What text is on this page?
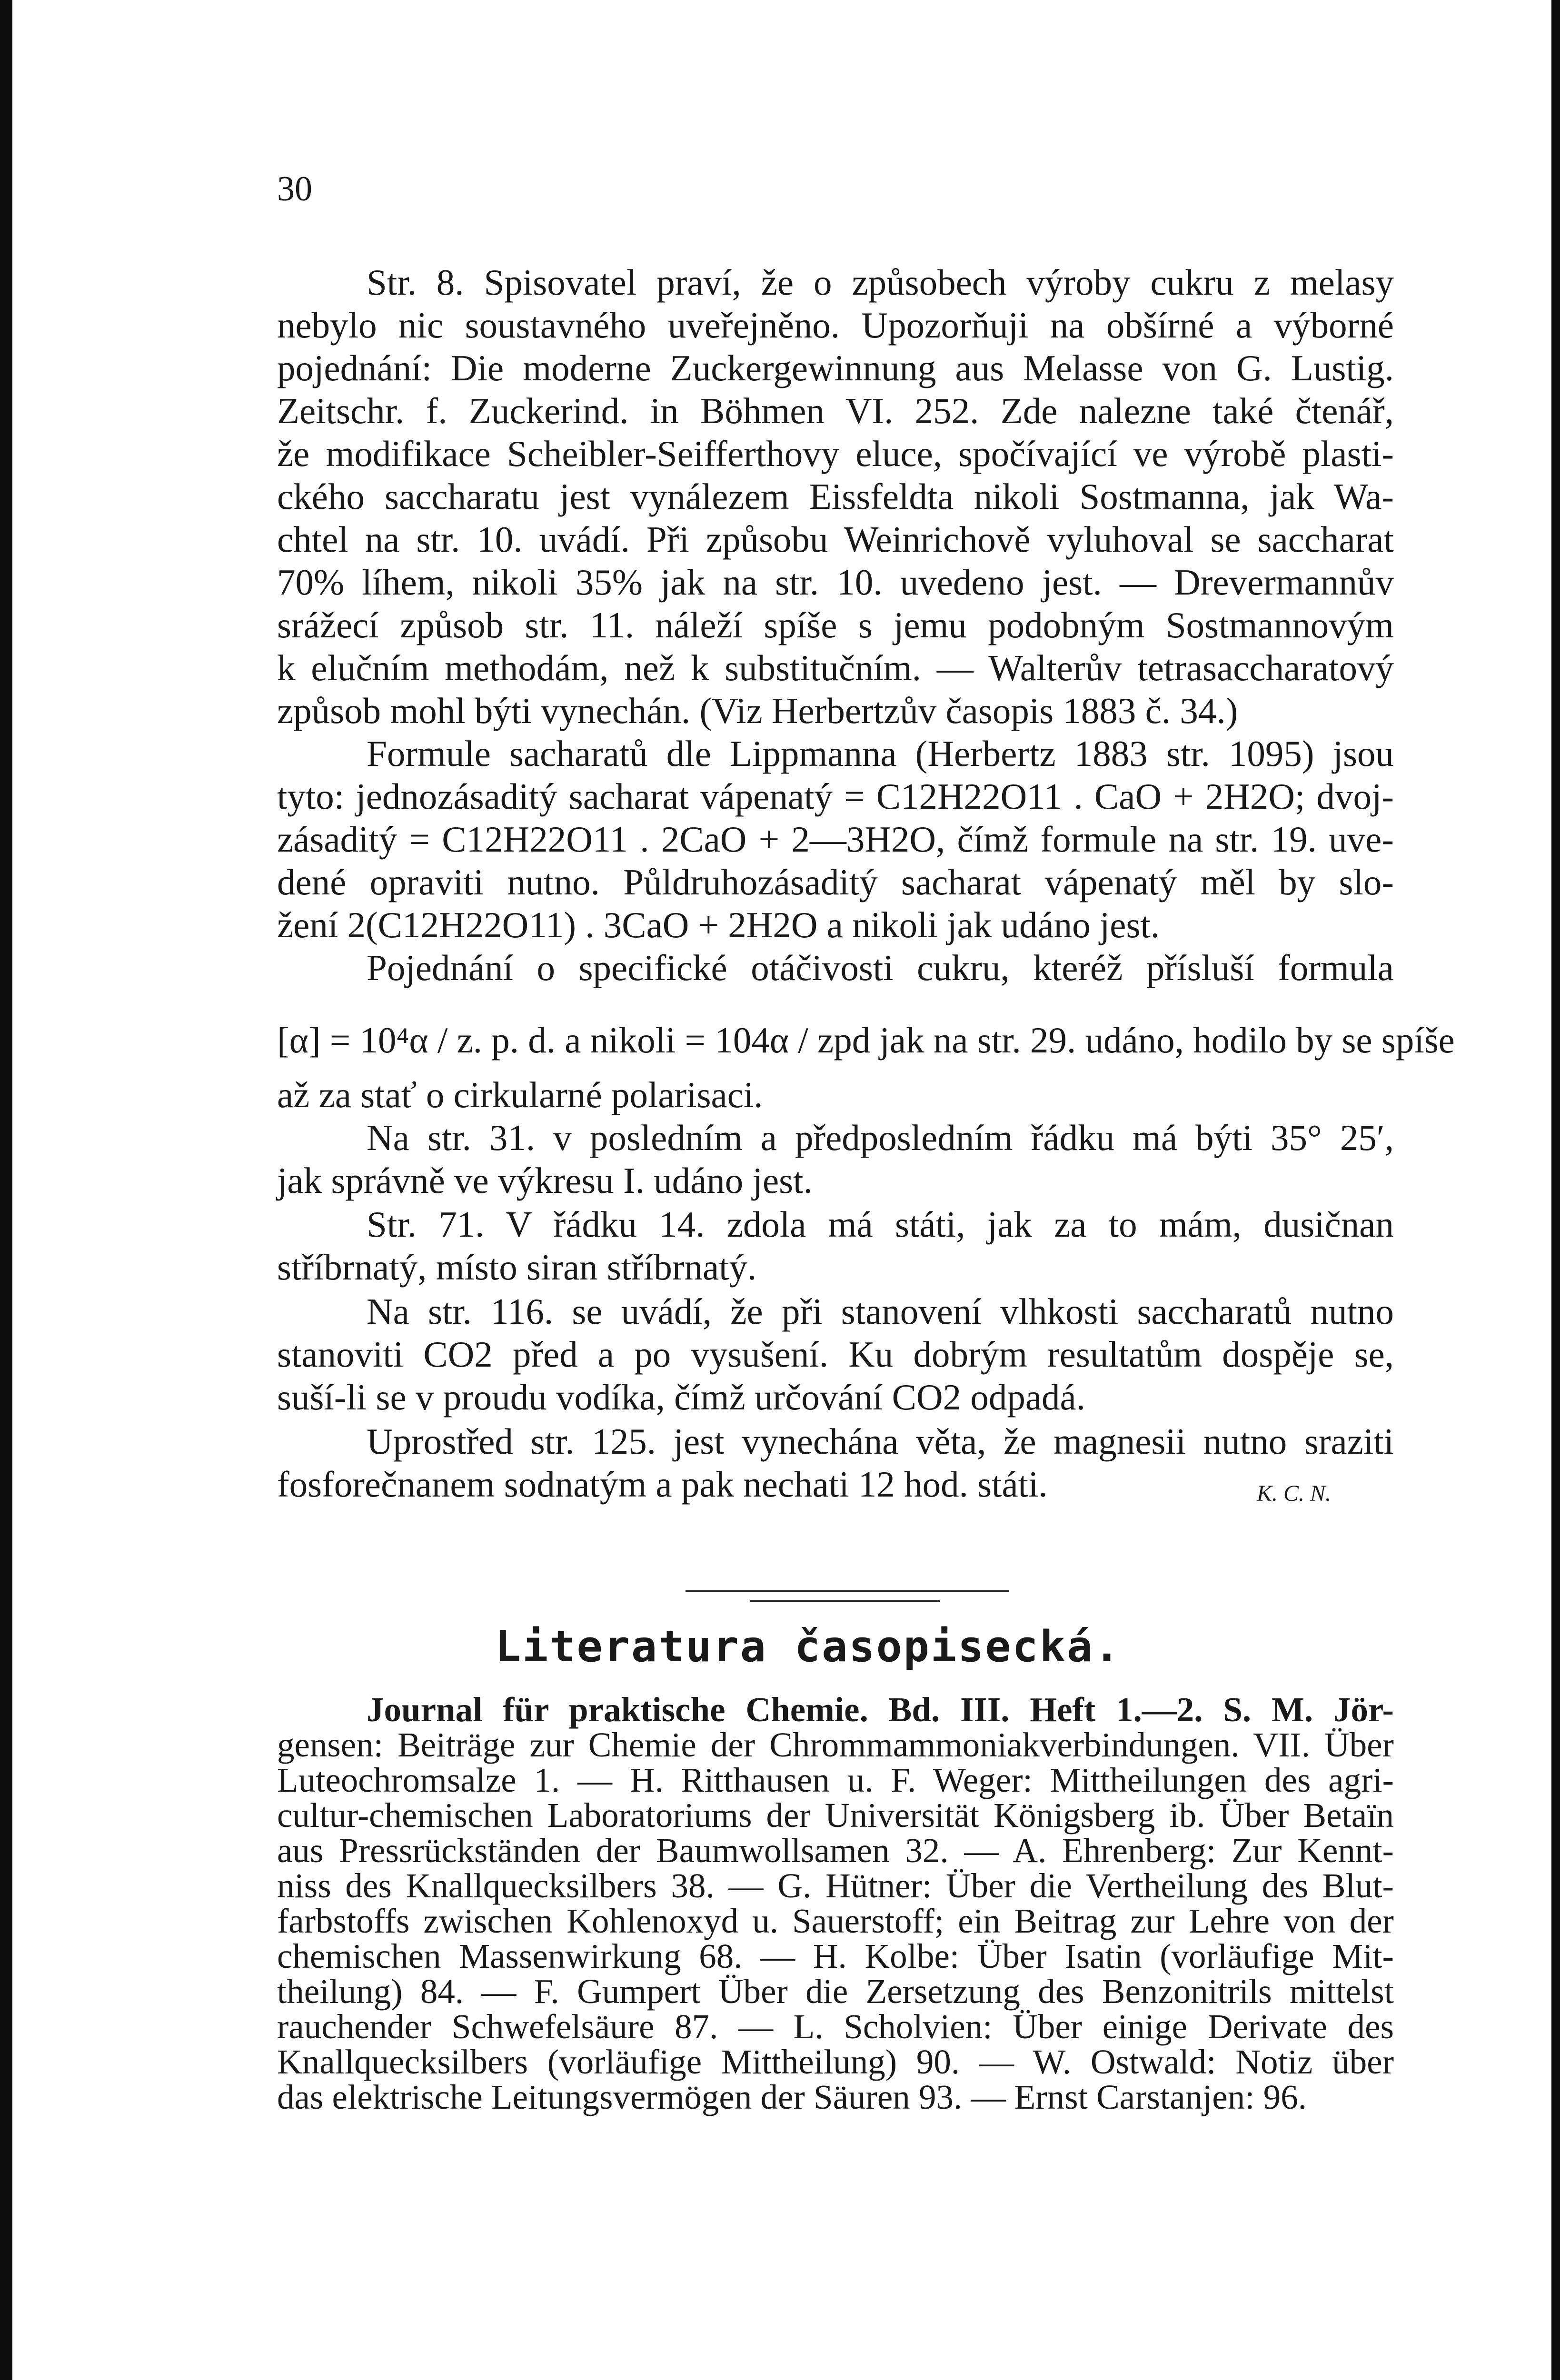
30
Str. 8. Spisovatel praví, že o způsobech výroby cukru z melasy
nebylo nic soustavného uveřejněno. Upozorňuji na obšírné a výborné
pojednání: Die moderne Zuckergewinnung aus Melasse von G. Lustig.
Zeitschr. f. Zuckerind. in Böhmen VI. 252. Zde nalezne také čtenář,
že modifikace Scheibler-Seifferthovy eluce, spočívající ve výrobě plasti-
ckého saccharatu jest vynálezem Eissfeldta nikoli Sostmanna, jak Wa-
chtel na str. 10. uvádí. Při způsobu Weinrichově vyluhoval se saccharat
70% líhem, nikoli 35% jak na str. 10. uvedeno jest. — Drevermannův
srážecí způsob str. 11. náleží spíše s jemu podobným Sostmannovým
k elučním methodám, než k substitučním. — Walterův tetrasaccharatový
způsob mohl býti vynechán. (Viz Herbertzův časopis 1883 č. 34.)
Formule sacharatů dle Lippmanna (Herbertz 1883 str. 1095) jsou
tyto: jednozásaditý sacharat vápenatý = C12H22O11 . CaO + 2H2O; dvoj-
zásaditý = C12H22O11 . 2CaO + 2—3H2O, čímž formule na str. 19. uve-
dené opraviti nutno. Půldruhozásaditý sacharat vápenatý měl by slo-
žení 2(C12H22O11) . 3CaO + 2H2O a nikoli jak udáno jest.
Pojednání o specifické otáčivosti cukru, kteréž přísluší formula
[α] = 10⁴α / z. p. d. a nikoli = 104α / zpd jak na str. 29. udáno, hodilo by se spíše
až za stať o cirkularné polarisaci.
Na str. 31. v posledním a předposledním řádku má býti 35° 25′,
jak správně ve výkresu I. udáno jest.
Str. 71. V řádku 14. zdola má státi, jak za to mám, dusičnan
stříbrnatý, místo siran stříbrnatý.
Na str. 116. se uvádí, že při stanovení vlhkosti saccharatů nutno
stanoviti CO2 před a po vysušení. Ku dobrým resultatům dospěje se,
suší-li se v proudu vodíka, čímž určování CO2 odpadá.
Uprostřed str. 125. jest vynechána věta, že magnesii nutno sraziti
fosforečnanem sodnatým a pak nechati 12 hod. státi.	K. C. N.
Literatura časopisecká.
Journal für praktische Chemie. Bd. III. Heft 1.—2. S. M. Jör-
gensen: Beiträge zur Chemie der Chrommammoniakverbindungen. VII. Über
Luteochromsalze 1. — H. Ritthausen u. F. Weger: Mittheilungen des agri-
cultur-chemischen Laboratoriums der Universität Königsberg ib. Über Betaïn
aus Pressrückständen der Baumwollsamen 32. — A. Ehrenberg: Zur Kennt-
niss des Knallquecksilbers 38. — G. Hütner: Über die Vertheilung des Blut-
farbstoffs zwischen Kohlenoxyd u. Sauerstoff; ein Beitrag zur Lehre von der
chemischen Massenwirkung 68. — H. Kolbe: Über Isatin (vorläufige Mit-
theilung) 84. — F. Gumpert Über die Zersetzung des Benzonitrils mittelst
rauchender Schwefelsäure 87. — L. Scholvien: Über einige Derivate des
Knallquecksilbers (vorläufige Mittheilung) 90. — W. Ostwald: Notiz über
das elektrische Leitungsvermögen der Säuren 93. — Ernst Carstanjen: 96.
